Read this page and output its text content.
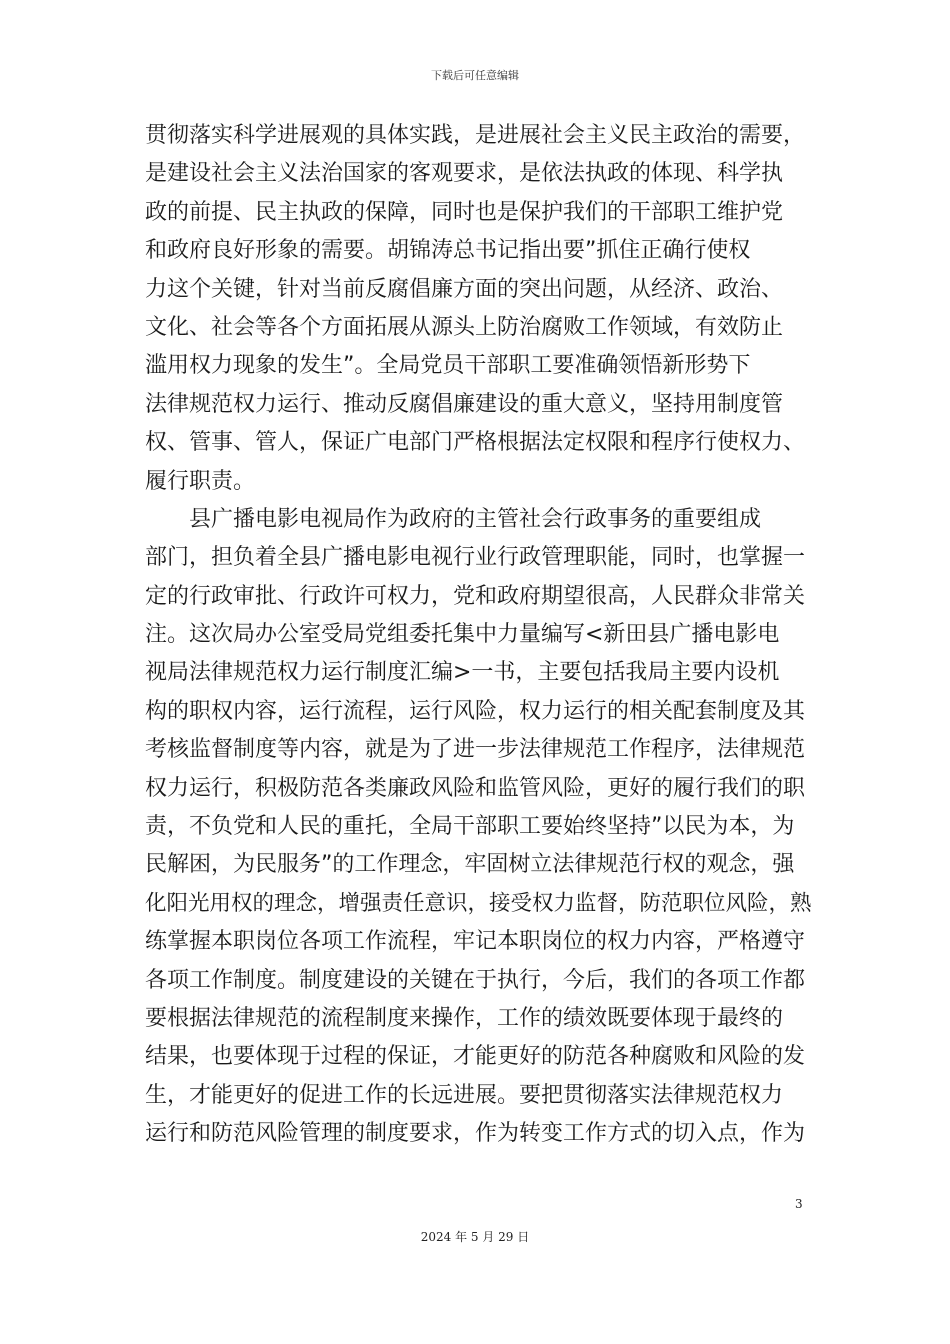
下载后可任意编辑
贯彻落实科学进展观的具体实践，是进展社会主义民主政治的需要，
是建设社会主义法治国家的客观要求，是依法执政的体现、科学执
政的前提、民主执政的保障，同时也是保护我们的干部职工维护党
和政府良好形象的需要。胡锦涛总书记指出要”抓住正确行使权
力这个关键，针对当前反腐倡廉方面的突出问题，从经济、政治、
文化、社会等各个方面拓展从源头上防治腐败工作领域，有效防止
滥用权力现象的发生”。全局党员干部职工要准确领悟新形势下
法律规范权力运行、推动反腐倡廉建设的重大意义，坚持用制度管
权、管事、管人，保证广电部门严格根据法定权限和程序行使权力、
履行职责。
县广播电影电视局作为政府的主管社会行政事务的重要组成
部门，担负着全县广播电影电视行业行政管理职能，同时，也掌握一
定的行政审批、行政许可权力，党和政府期望很高，人民群众非常关
注。这次局办公室受局党组委托集中力量编写<新田县广播电影电
视局法律规范权力运行制度汇编>一书，主要包括我局主要内设机
构的职权内容，运行流程，运行风险，权力运行的相关配套制度及其
考核监督制度等内容，就是为了进一步法律规范工作程序，法律规范
权力运行，积极防范各类廉政风险和监管风险，更好的履行我们的职
责，不负党和人民的重托，全局干部职工要始终坚持”以民为本，为
民解困，为民服务”的工作理念，牢固树立法律规范行权的观念，强
化阳光用权的理念，增强责任意识，接受权力监督，防范职位风险，熟
练掌握本职岗位各项工作流程，牢记本职岗位的权力内容，严格遵守
各项工作制度。制度建设的关键在于执行，今后，我们的各项工作都
要根据法律规范的流程制度来操作，工作的绩效既要体现于最终的
结果，也要体现于过程的保证，才能更好的防范各种腐败和风险的发
生，才能更好的促进工作的长远进展。要把贯彻落实法律规范权力
运行和防范风险管理的制度要求，作为转变工作方式的切入点，作为
3
2024 年 5 月 29 日
